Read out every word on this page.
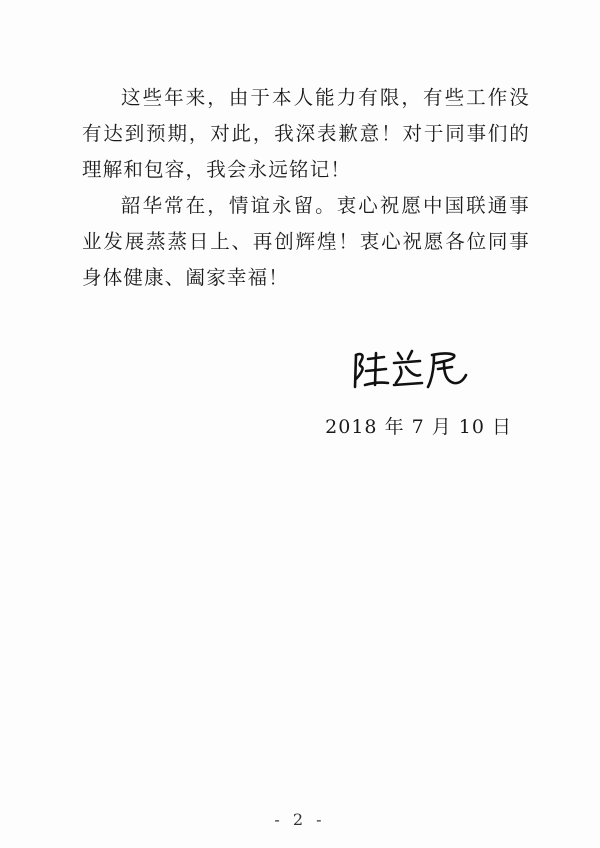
这些年来，由于本人能力有限，有些工作没有达到预期，对此，我深表歉意！对于同事们的理解和包容，我会永远铭记！

韶华常在，情谊永留。衷心祝愿中国联通事业发展蒸蒸日上、再创辉煌！衷心祝愿各位同事身体健康、阖家幸福！

2018 年 7 月 10 日
- 2 -
